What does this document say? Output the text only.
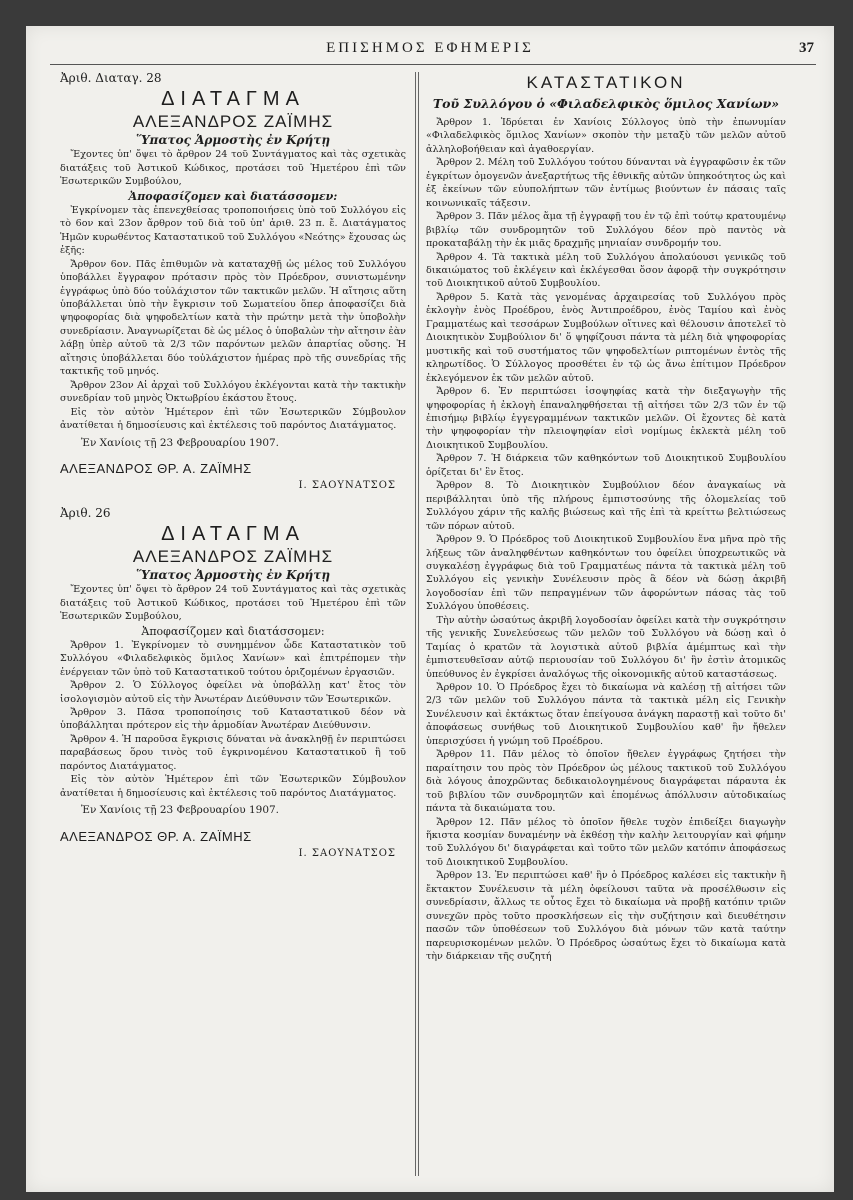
ΕΠΙΣΗΜΟΣ ΕΦΗΜΕΡΙΣ	37

Ἀριθ. Διαταγ. 28

ΔΙΑΤΑΓΜΑ

ΑΛΕΞΑΝΔΡΟΣ ΖΑΪΜΗΣ

Ὕπατος Ἁρμοστὴς ἐν Κρήτῃ

Ἔχοντες ὑπ' ὄψει τὸ ἄρθρον 24 τοῦ Συντάγματος καὶ τὰς σχετικὰς διατάξεις τοῦ Ἀστικοῦ Κώδικος, προτάσει τοῦ Ἡμετέρου ἐπὶ τῶν Ἐσωτερικῶν Συμβούλου,

Ἀποφασίζομεν καὶ διατάσσομεν:

Ἐγκρίνομεν τὰς ἐπενεχθείσας τροποποιήσεις ὑπὸ τοῦ Συλλόγου εἰς τὸ 6ον καὶ 23ον ἄρθρον τοῦ διὰ τοῦ ὑπ' ἀριθ. 23 π. ἔ. Διατάγματος Ἡμῶν κυρωθέντος Καταστατικοῦ τοῦ Συλλόγου «Νεότης» ἔχουσας ὡς ἑξῆς:

Ἄρθρον 6ον. Πᾶς ἐπιθυμῶν νὰ καταταχθῇ ὡς μέλος τοῦ Συλλόγου ὑποβάλλει ἔγγραφον πρότασιν πρὸς τὸν Πρόεδρον, συνιστωμένην ἐγγράφως ὑπὸ δύο τοὐλάχιστον τῶν τακτικῶν μελῶν. Ἡ αἴτησις αὕτη ὑποβάλλεται ὑπὸ τὴν ἔγκρισιν τοῦ Σωματείου ὅπερ ἀποφασίζει διὰ ψηφοφορίας διὰ ψηφοδελτίων κατὰ τὴν πρώτην μετὰ τὴν ὑποβολὴν συνεδρίασιν. Ἀναγνωρίζεται δὲ ὡς μέλος ὁ ὑποβαλὼν τὴν αἴτησιν ἐὰν λάβῃ ὑπὲρ αὐτοῦ τὰ 2/3 τῶν παρόντων μελῶν ἀπαρτίας οὔσης. Ἡ αἴτησις ὑποβάλλεται δύο τοὐλάχιστον ἡμέρας πρὸ τῆς συνεδρίας τῆς τακτικῆς τοῦ μηνός.

Ἄρθρον 23ον Αἱ ἀρχαὶ τοῦ Συλλόγου ἐκλέγονται κατὰ τὴν τακτικὴν συνεδρίαν τοῦ μηνὸς Ὀκτωβρίου ἑκάστου ἔτους.

Εἰς τὸν αὐτὸν Ἡμέτερον ἐπὶ τῶν Ἐσωτερικῶν Σύμβουλον ἀνατίθεται ἡ δημοσίευσις καὶ ἐκτέλεσις τοῦ παρόντος Διατάγματος.

Ἐν Χανίοις τῇ 23 Φεβρουαρίου 1907.

ΑΛΕΞΑΝΔΡΟΣ ΘΡ. Α. ΖΑΪΜΗΣ

Ι. ΣΑΟΥΝΑΤΣΟΣ

Ἀριθ. 26

ΔΙΑΤΑΓΜΑ

ΑΛΕΞΑΝΔΡΟΣ ΖΑΪΜΗΣ

Ὕπατος Ἁρμοστὴς ἐν Κρήτῃ

Ἔχοντες ὑπ' ὄψει τὸ ἄρθρον 24 τοῦ Συντάγματος καὶ τὰς σχετικὰς διατάξεις τοῦ Ἀστικοῦ Κώδικος, προτάσει τοῦ Ἡμετέρου ἐπὶ τῶν Ἐσωτερικῶν Συμβούλου,

Ἀποφασίζομεν καὶ διατάσσομεν:

Ἄρθρον 1. Ἐγκρίνομεν τὸ συνημμένον ὧδε Καταστατικὸν τοῦ Συλλόγου «Φιλαδελφικὸς ὅμιλος Χανίων» καὶ ἐπιτρέπομεν τὴν ἐνέργειαν τῶν ὑπὸ τοῦ Καταστατικοῦ τούτου ὁριζομένων ἐργασιῶν.

Ἄρθρον 2. Ὁ Σύλλογος ὀφείλει νὰ ὑποβάλλῃ κατ' ἔτος τὸν ἰσολογισμὸν αὐτοῦ εἰς τὴν Ἀνωτέραν Διεύθυνσιν τῶν Ἐσωτερικῶν.

Ἄρθρον 3. Πᾶσα τροποποίησις τοῦ Καταστατικοῦ δέον νὰ ὑποβάλληται πρότερον εἰς τὴν ἁρμοδίαν Ἀνωτέραν Διεύθυνσιν.

Ἄρθρον 4. Ἡ παροῦσα ἔγκρισις δύναται νὰ ἀνακληθῇ ἐν περιπτώσει παραβάσεως ὅρου τινὸς τοῦ ἐγκρινομένου Καταστατικοῦ ἢ τοῦ παρόντος Διατάγματος.

Εἰς τὸν αὐτὸν Ἡμέτερον ἐπὶ τῶν Ἐσωτερικῶν Σύμβουλον ἀνατίθεται ἡ δημοσίευσις καὶ ἐκτέλεσις τοῦ παρόντος Διατάγματος.

Ἐν Χανίοις τῇ 23 Φεβρουαρίου 1907.

ΑΛΕΞΑΝΔΡΟΣ ΘΡ. Α. ΖΑΪΜΗΣ

Ι. ΣΑΟΥΝΑΤΣΟΣ

ΚΑΤΑΣΤΑΤΙΚΟΝ

Τοῦ Συλλόγου ὁ «Φιλαδελφικὸς ὅμιλος Χανίων»

Ἄρθρον 1. Ἱδρύεται ἐν Χανίοις Σύλλογος ὑπὸ τὴν ἐπωνυμίαν «Φιλαδελφικὸς ὅμιλος Χανίων» σκοπὸν τὴν μεταξὺ τῶν μελῶν αὐτοῦ ἀλληλοβοήθειαν καὶ ἀγαθοεργίαν.

Ἄρθρον 2. Μέλη τοῦ Συλλόγου τούτου δύνανται νὰ ἐγγραφῶσιν ἐκ τῶν ἐγκρίτων ὁμογενῶν ἀνεξαρτήτως τῆς ἐθνικῆς αὐτῶν ὑπηκοότητος ὡς καὶ ἐξ ἐκείνων τῶν εὐυπολήπτων τῶν ἐντίμως βιούντων ἐν πάσαις ταῖς κοινωνικαῖς τάξεσιν.

Ἄρθρον 3. Πᾶν μέλος ἅμα τῇ ἐγγραφῇ του ἐν τῷ ἐπὶ τούτῳ κρατουμένῳ βιβλίῳ τῶν συνδρομητῶν τοῦ Συλλόγου δέον πρὸ παντὸς νὰ προκαταβάλῃ τὴν ἐκ μιᾶς δραχμῆς μηνιαίαν συνδρομήν του.

Ἄρθρον 4. Τὰ τακτικὰ μέλη τοῦ Συλλόγου ἀπολαύουσι γενικῶς τοῦ δικαιώματος τοῦ ἐκλέγειν καὶ ἐκλέγεσθαι ὅσον ἀφορᾷ τὴν συγκρότησιν τοῦ Διοικητικοῦ αὐτοῦ Συμβουλίου.

Ἄρθρον 5. Κατὰ τὰς γενομένας ἀρχαιρεσίας τοῦ Συλλόγου πρὸς ἐκλογὴν ἑνὸς Προέδρου, ἑνὸς Ἀντιπροέδρου, ἑνὸς Ταμίου καὶ ἑνὸς Γραμματέως καὶ τεσσάρων Συμβούλων οἵτινες καὶ θέλουσιν ἀποτελεῖ τὸ Διοικητικὸν Συμβούλιον δι' ὅ ψηφίζουσι πάντα τὰ μέλη διὰ ψηφοφορίας μυστικῆς καὶ τοῦ συστήματος τῶν ψηφοδελτίων ριπτομένων ἐντὸς τῆς κληρωτίδος. Ὁ Σύλλογος προσθέτει ἐν τῷ ὡς ἄνω ἐπίτιμον Πρόεδρον ἐκλεγόμενον ἐκ τῶν μελῶν αὐτοῦ.

Ἄρθρον 6. Ἐν περιπτώσει ἰσοψηφίας κατὰ τὴν διεξαγωγὴν τῆς ψηφοφορίας ἡ ἐκλογὴ ἐπαναληφθήσεται τῇ αἰτήσει τῶν 2/3 τῶν ἐν τῷ ἐπισήμῳ βιβλίῳ ἐγγεγραμμένων τακτικῶν μελῶν. Οἱ ἔχοντες δὲ κατὰ τὴν ψηφοφορίαν τὴν πλειοψηφίαν εἰσὶ νομίμως ἐκλεκτὰ μέλη τοῦ Διοικητικοῦ Συμβουλίου.

Ἄρθρον 7. Ἡ διάρκεια τῶν καθηκόντων τοῦ Διοικητικοῦ Συμβουλίου ὁρίζεται δι' ἓν ἔτος.

Ἄρθρον 8. Τὸ Διοικητικὸν Συμβούλιον δέον ἀναγκαίως νὰ περιβάλληται ὑπὸ τῆς πλήρους ἐμπιστοσύνης τῆς ὁλομελείας τοῦ Συλλόγου χάριν τῆς καλῆς βιώσεως καὶ τῆς ἐπὶ τὰ κρείττω βελτιώσεως τῶν πόρων αὐτοῦ.

Ἄρθρον 9. Ὁ Πρόεδρος τοῦ Διοικητικοῦ Συμβουλίου ἕνα μῆνα πρὸ τῆς λήξεως τῶν ἀναληφθέντων καθηκόντων του ὀφείλει ὑποχρεωτικῶς νὰ συγκαλέσῃ ἐγγράφως διὰ τοῦ Γραμματέως πάντα τὰ τακτικὰ μέλη τοῦ Συλλόγου εἰς γενικὴν Συνέλευσιν πρὸς ἃ δέον νὰ δώσῃ ἀκριβῆ λογοδοσίαν ἐπὶ τῶν πεπραγμένων τῶν ἀφορώντων πάσας τὰς τοῦ Συλλόγου ὑποθέσεις.

Τὴν αὐτὴν ὡσαύτως ἀκριβῆ λογοδοσίαν ὀφείλει κατὰ τὴν συγκρότησιν τῆς γενικῆς Συνελεύσεως τῶν μελῶν τοῦ Συλλόγου νὰ δώσῃ καὶ ὁ Ταμίας ὁ κρατῶν τὰ λογιστικὰ αὐτοῦ βιβλία ἀμέμπτως καὶ τὴν ἐμπιστευθεῖσαν αὐτῷ περιουσίαν τοῦ Συλλόγου δι' ἣν ἐστὶν ἀτομικῶς ὑπεύθυνος ἐν ἐγκρίσει ἀναλόγως τῆς οἰκονομικῆς αὐτοῦ καταστάσεως.

Ἄρθρον 10. Ὁ Πρόεδρος ἔχει τὸ δικαίωμα νὰ καλέσῃ τῇ αἰτήσει τῶν 2/3 τῶν μελῶν τοῦ Συλλόγου πάντα τὰ τακτικὰ μέλη εἰς Γενικὴν Συνέλευσιν καὶ ἐκτάκτως ὅταν ἐπείγουσα ἀνάγκη παραστῇ καὶ τοῦτο δι' ἀποφάσεως συνήθως τοῦ Διοικητικοῦ Συμβουλίου καθ' ἣν ἤθελεν ὑπερισχύσει ἡ γνώμη τοῦ Προέδρου.

Ἄρθρον 11. Πᾶν μέλος τὸ ὁποῖον ἤθελεν ἐγγράφως ζητήσει τὴν παραίτησιν του πρὸς τὸν Πρόεδρον ὡς μέλους τακτικοῦ τοῦ Συλλόγου διὰ λόγους ἀποχρῶντας δεδικαιολογημένους διαγράφεται πάραυτα ἐκ τοῦ βιβλίου τῶν συνδρομητῶν καὶ ἑπομένως ἀπόλλυσιν αὐτοδικαίως πάντα τὰ δικαιώματα του.

Ἄρθρον 12. Πᾶν μέλος τὸ ὁποῖον ἤθελε τυχὸν ἐπιδείξει διαγωγὴν ἥκιστα κοσμίαν δυναμένην νὰ ἐκθέσῃ τὴν καλὴν λειτουργίαν καὶ φήμην τοῦ Συλλόγου δι' διαγράφεται καὶ τοῦτο τῶν μελῶν κατόπιν ἀποφάσεως τοῦ Διοικητικοῦ Συμβουλίου.

Ἄρθρον 13. Ἐν περιπτώσει καθ' ἣν ὁ Πρόεδρος καλέσει εἰς τακτικὴν ἢ ἔκτακτον Συνέλευσιν τὰ μέλη ὀφείλουσι ταῦτα νὰ προσέλθωσιν εἰς συνεδρίασιν, ἄλλως τε οὗτος ἔχει τὸ δικαίωμα νὰ προβῇ κατόπιν τριῶν συνεχῶν πρὸς τοῦτο προσκλήσεων εἰς τὴν συζήτησιν καὶ διευθέτησιν πασῶν τῶν ὑποθέσεων τοῦ Συλλόγου διὰ μόνων τῶν κατὰ ταύτην παρευρισκομένων μελῶν. Ὁ Πρόεδρος ὡσαύτως ἔχει τὸ δικαίωμα κατὰ τὴν διάρκειαν τῆς συζητή
